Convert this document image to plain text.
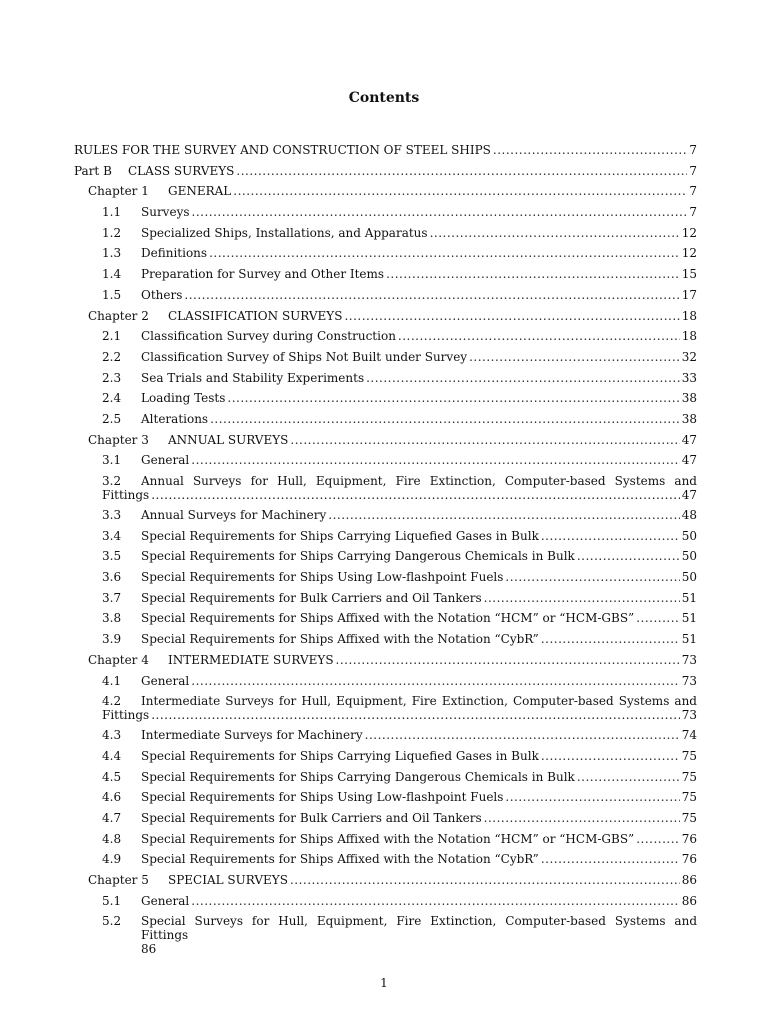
Contents
RULES FOR THE SURVEY AND CONSTRUCTION OF STEEL SHIPS .....	7
Part B	CLASS SURVEYS .....	7
Chapter 1	GENERAL .....	7
1.1	Surveys .....	7
1.2	Specialized Ships, Installations, and Apparatus .....	12
1.3	Definitions .....	12
1.4	Preparation for Survey and Other Items .....	15
1.5	Others .....	17
Chapter 2	CLASSIFICATION SURVEYS .....	18
2.1	Classification Survey during Construction .....	18
2.2	Classification Survey of Ships Not Built under Survey .....	32
2.3	Sea Trials and Stability Experiments .....	33
2.4	Loading Tests .....	38
2.5	Alterations .....	38
Chapter 3	ANNUAL SURVEYS .....	47
3.1	General .....	47
3.2	Annual Surveys for Hull, Equipment, Fire Extinction, Computer-based Systems and
Fittings .....	47
3.3	Annual Surveys for Machinery .....	48
3.4	Special Requirements for Ships Carrying Liquefied Gases in Bulk .....	50
3.5	Special Requirements for Ships Carrying Dangerous Chemicals in Bulk .....	50
3.6	Special Requirements for Ships Using Low-flashpoint Fuels .....	50
3.7	Special Requirements for Bulk Carriers and Oil Tankers .....	51
3.8	Special Requirements for Ships Affixed with the Notation “HCM” or “HCM-GBS” .....	51
3.9	Special Requirements for Ships Affixed with the Notation “CybR” .....	51
Chapter 4	INTERMEDIATE SURVEYS .....	73
4.1	General .....	73
4.2	Intermediate Surveys for Hull, Equipment, Fire Extinction, Computer-based Systems and
Fittings .....	73
4.3	Intermediate Surveys for Machinery .....	74
4.4	Special Requirements for Ships Carrying Liquefied Gases in Bulk .....	75
4.5	Special Requirements for Ships Carrying Dangerous Chemicals in Bulk .....	75
4.6	Special Requirements for Ships Using Low-flashpoint Fuels .....	75
4.7	Special Requirements for Bulk Carriers and Oil Tankers .....	75
4.8	Special Requirements for Ships Affixed with the Notation “HCM” or “HCM-GBS” .....	76
4.9	Special Requirements for Ships Affixed with the Notation “CybR” .....	76
Chapter 5	SPECIAL SURVEYS .....	86
5.1	General .....	86
5.2	Special Surveys for Hull, Equipment, Fire Extinction, Computer-based Systems and Fittings
86
1
